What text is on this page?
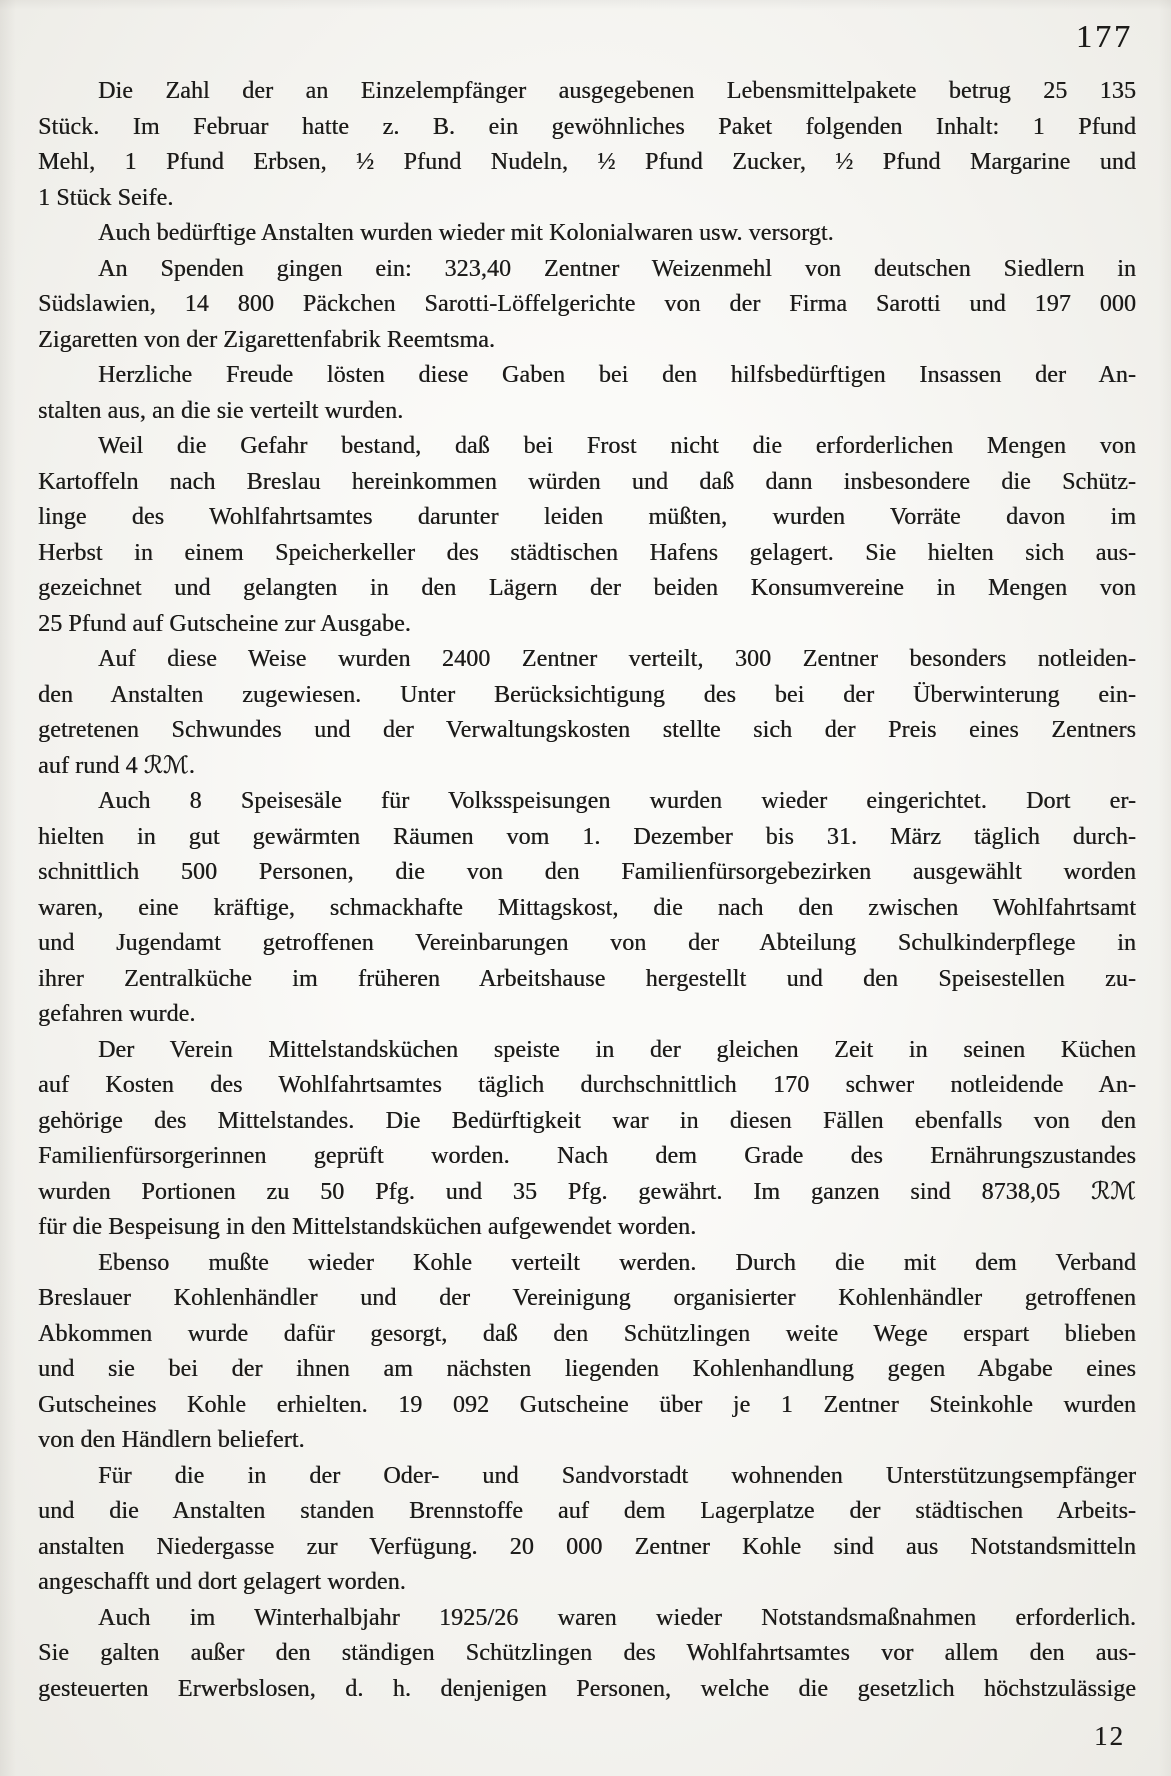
177
Die Zahl der an Einzelempfänger ausgegebenen Lebensmittelpakete betrug 25 135
Stück. Im Februar hatte z. B. ein gewöhnliches Paket folgenden Inhalt: 1 Pfund
Mehl, 1 Pfund Erbsen, ½ Pfund Nudeln, ½ Pfund Zucker, ½ Pfund Margarine und
1 Stück Seife.
Auch bedürftige Anstalten wurden wieder mit Kolonialwaren usw. versorgt.
An Spenden gingen ein: 323,40 Zentner Weizenmehl von deutschen Siedlern in
Südslawien, 14 800 Päckchen Sarotti-Löffelgerichte von der Firma Sarotti und 197 000
Zigaretten von der Zigarettenfabrik Reemtsma.
Herzliche Freude lösten diese Gaben bei den hilfsbedürftigen Insassen der An-
stalten aus, an die sie verteilt wurden.
Weil die Gefahr bestand, daß bei Frost nicht die erforderlichen Mengen von
Kartoffeln nach Breslau hereinkommen würden und daß dann insbesondere die Schütz-
linge des Wohlfahrtsamtes darunter leiden müßten, wurden Vorräte davon im
Herbst in einem Speicherkeller des städtischen Hafens gelagert. Sie hielten sich aus-
gezeichnet und gelangten in den Lägern der beiden Konsumvereine in Mengen von
25 Pfund auf Gutscheine zur Ausgabe.
Auf diese Weise wurden 2400 Zentner verteilt, 300 Zentner besonders notleiden-
den Anstalten zugewiesen. Unter Berücksichtigung des bei der Überwinterung ein-
getretenen Schwundes und der Verwaltungskosten stellte sich der Preis eines Zentners
auf rund 4 ℛℳ.
Auch 8 Speisesäle für Volksspeisungen wurden wieder eingerichtet. Dort er-
hielten in gut gewärmten Räumen vom 1. Dezember bis 31. März täglich durch-
schnittlich 500 Personen, die von den Familienfürsorgebezirken ausgewählt worden
waren, eine kräftige, schmackhafte Mittagskost, die nach den zwischen Wohlfahrtsamt
und Jugendamt getroffenen Vereinbarungen von der Abteilung Schulkinderpflege in
ihrer Zentralküche im früheren Arbeitshause hergestellt und den Speisestellen zu-
gefahren wurde.
Der Verein Mittelstandsküchen speiste in der gleichen Zeit in seinen Küchen
auf Kosten des Wohlfahrtsamtes täglich durchschnittlich 170 schwer notleidende An-
gehörige des Mittelstandes. Die Bedürftigkeit war in diesen Fällen ebenfalls von den
Familienfürsorgerinnen geprüft worden. Nach dem Grade des Ernährungszustandes
wurden Portionen zu 50 Pfg. und 35 Pfg. gewährt. Im ganzen sind 8738,05 ℛℳ
für die Bespeisung in den Mittelstandsküchen aufgewendet worden.
Ebenso mußte wieder Kohle verteilt werden. Durch die mit dem Verband
Breslauer Kohlenhändler und der Vereinigung organisierter Kohlenhändler getroffenen
Abkommen wurde dafür gesorgt, daß den Schützlingen weite Wege erspart blieben
und sie bei der ihnen am nächsten liegenden Kohlenhandlung gegen Abgabe eines
Gutscheines Kohle erhielten. 19 092 Gutscheine über je 1 Zentner Steinkohle wurden
von den Händlern beliefert.
Für die in der Oder- und Sandvorstadt wohnenden Unterstützungsempfänger
und die Anstalten standen Brennstoffe auf dem Lagerplatze der städtischen Arbeits-
anstalten Niedergasse zur Verfügung. 20 000 Zentner Kohle sind aus Notstandsmitteln
angeschafft und dort gelagert worden.
Auch im Winterhalbjahr 1925/26 waren wieder Notstandsmaßnahmen erforderlich.
Sie galten außer den ständigen Schützlingen des Wohlfahrtsamtes vor allem den aus-
gesteuerten Erwerbslosen, d. h. denjenigen Personen, welche die gesetzlich höchstzulässige
12
